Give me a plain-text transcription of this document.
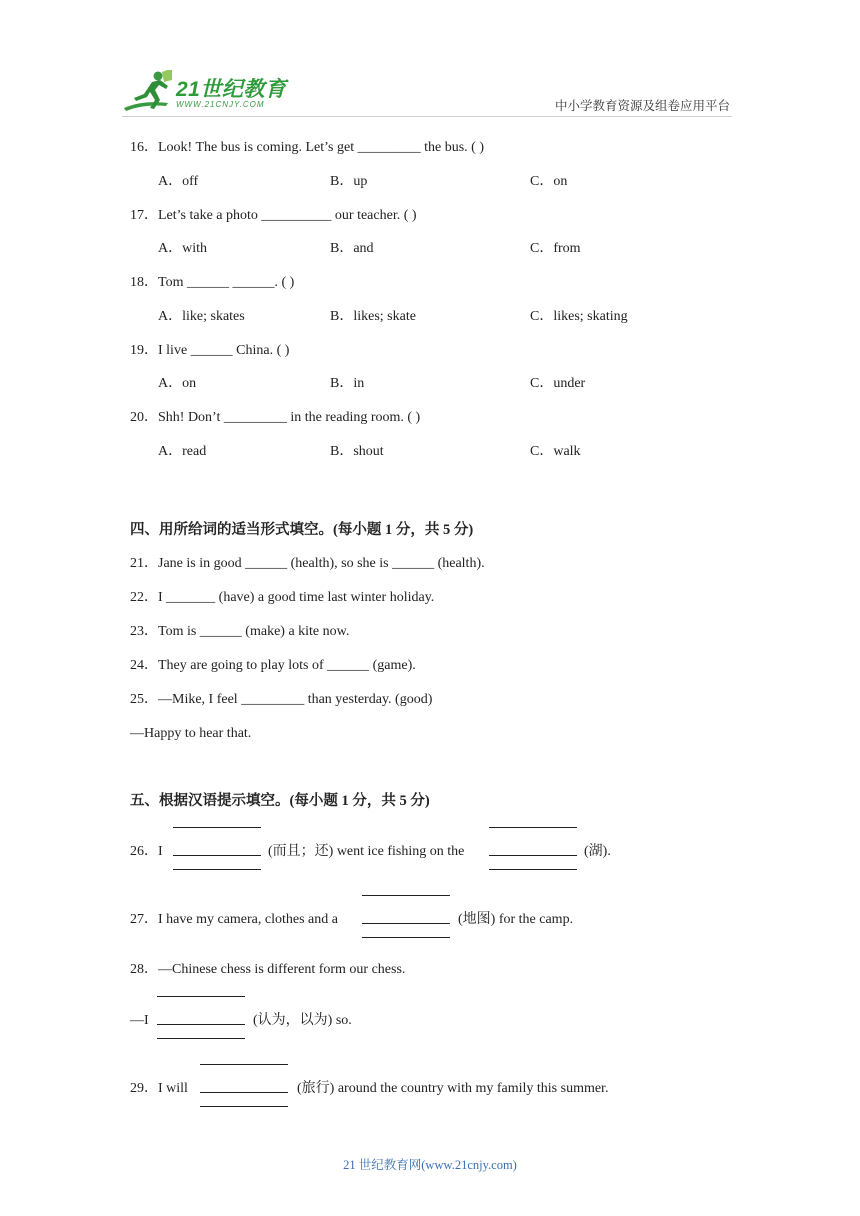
21世纪教育
WWW.21CNJY.COM	中小学教育资源及组卷应用平台
16．Look! The bus is coming. Let’s get _________ the bus. ( )
A．off	B．up	C．on
17．Let’s take a photo __________ our teacher. ( )
A．with	B．and	C．from
18．Tom ______ ______. ( )
A．like; skates	B．likes; skate	C．likes; skating
19．I live ______ China. ( )
A．on	B．in	C．under
20．Shh! Don’t _________ in the reading room. ( )
A．read	B．shout	C．walk
四、用所给词的适当形式填空。(每小题 1 分，共 5 分)
21．Jane is in good ______ (health), so she is ______ (health).
22．I _______ (have) a good time last winter holiday.
23．Tom is ______ (make) a kite now.
24．They are going to play lots of ______ (game).
25．—Mike, I feel _________ than yesterday. (good)
—Happy to hear that.
五、根据汉语提示填空。(每小题 1 分，共 5 分)
26．I	(而且；还) went ice fishing on the	(湖).
27．I have my camera, clothes and a	(地图) for the camp.
28．—Chinese chess is different form our chess.
—I	(认为，以为) so.
29．I will	(旅行) around the country with my family this summer.
21 世纪教育网(www.21cnjy.com)
